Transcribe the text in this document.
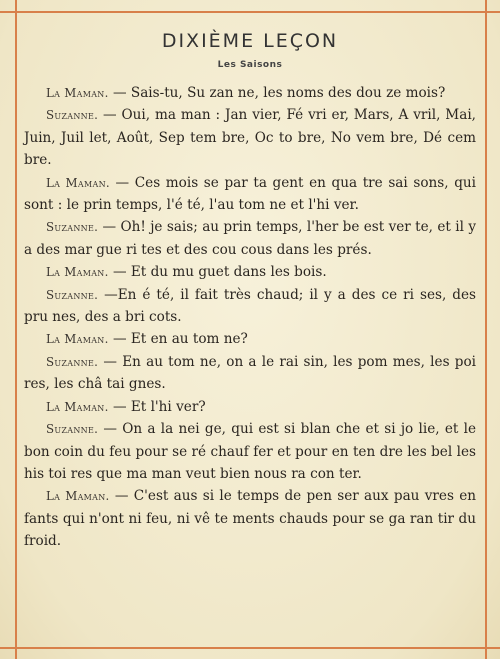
DIXIÈME LEÇON
Les Saisons

La Maman. — Sais-tu, Su zan ne, les noms des dou ze mois?

Suzanne. — Oui, ma man : Jan vier, Fé vri er, Mars, A vril, Mai, Juin, Juil let, Août, Sep tem bre, Oc to bre, No vem bre, Dé cem bre.

La Maman. — Ces mois se par ta gent en qua tre sai sons, qui sont : le prin temps, l'é té, l'au tom ne et l'hi ver.

Suzanne. — Oh! je sais; au prin temps, l'her be est ver te, et il y a des mar gue ri tes et des cou cous dans les prés.

La Maman. — Et du mu guet dans les bois.

Suzanne. —En é té, il fait très chaud; il y a des ce ri ses, des pru nes, des a bri cots.

La Maman. — Et en au tom ne?

Suzanne. — En au tom ne, on a le rai sin, les pom mes, les poi res, les châ tai gnes.

La Maman. — Et l'hi ver?

Suzanne. — On a la nei ge, qui est si blan che et si jo lie, et le bon coin du feu pour se ré chauf fer et pour en ten dre les bel les his toi res que ma man veut bien nous ra con ter.

La Maman. — C'est aus si le temps de pen ser aux pau vres en fants qui n'ont ni feu, ni vê te ments chauds pour se ga ran tir du froid.
